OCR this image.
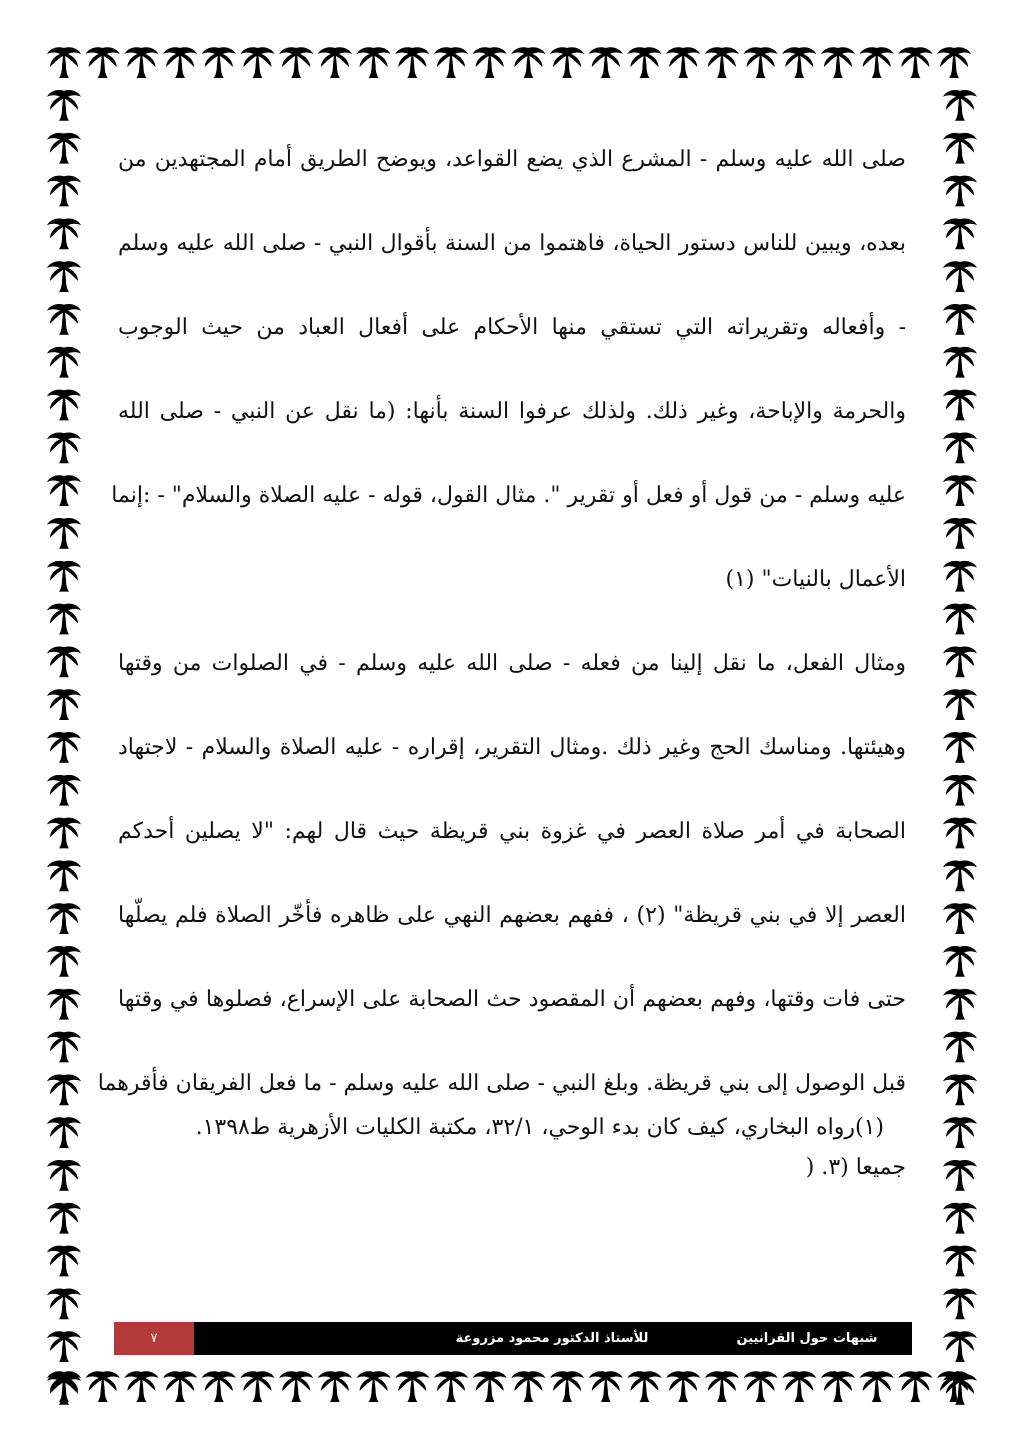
صلى الله عليه وسلم - المشرع الذي يضع القواعد، ويوضح الطريق أمام المجتهدين من
بعده، ويبين للناس دستور الحياة، فاهتموا من السنة بأقوال النبي - صلى الله عليه وسلم
- وأفعاله وتقريراته التي تستقي منها الأحكام على أفعال العباد من حيث الوجوب
والحرمة والإباحة، وغير ذلك. ولذلك عرفوا السنة بأنها: (ما نقل عن النبي - صلى الله
عليه وسلم - من قول أو فعل أو تقرير ". مثال القول، قوله - عليه الصلاة والسلام" - :إنما
الأعمال بالنيات" (١)
ومثال الفعل، ما نقل إلينا من فعله - صلى الله عليه وسلم - في الصلوات من وقتها
وهيئتها. ومناسك الحج وغير ذلك .ومثال التقرير، إقراره - عليه الصلاة والسلام - لاجتهاد
الصحابة في أمر صلاة العصر في غزوة بني قريظة حيث قال لهم: "لا يصلين أحدكم
العصر إلا في بني قريظة" (٢) ، ففهم بعضهم النهي على ظاهره فأخّر الصلاة فلم يصلّها
حتى فات وقتها، وفهم بعضهم أن المقصود حث الصحابة على الإسراع، فصلوها في وقتها
قبل الوصول إلى بني قريظة. وبلغ النبي - صلى الله عليه وسلم - ما فعل الفريقان فأقرهما
جميعا (٣. (
(١)رواه البخاري، كيف كان بدء الوحي، ٣٢/١، مكتبة الكليات الأزهرية ط١٣٩٨.
شبهات حول القرانيين
للأستاذ الدكتور محمود مزروعة
٧
